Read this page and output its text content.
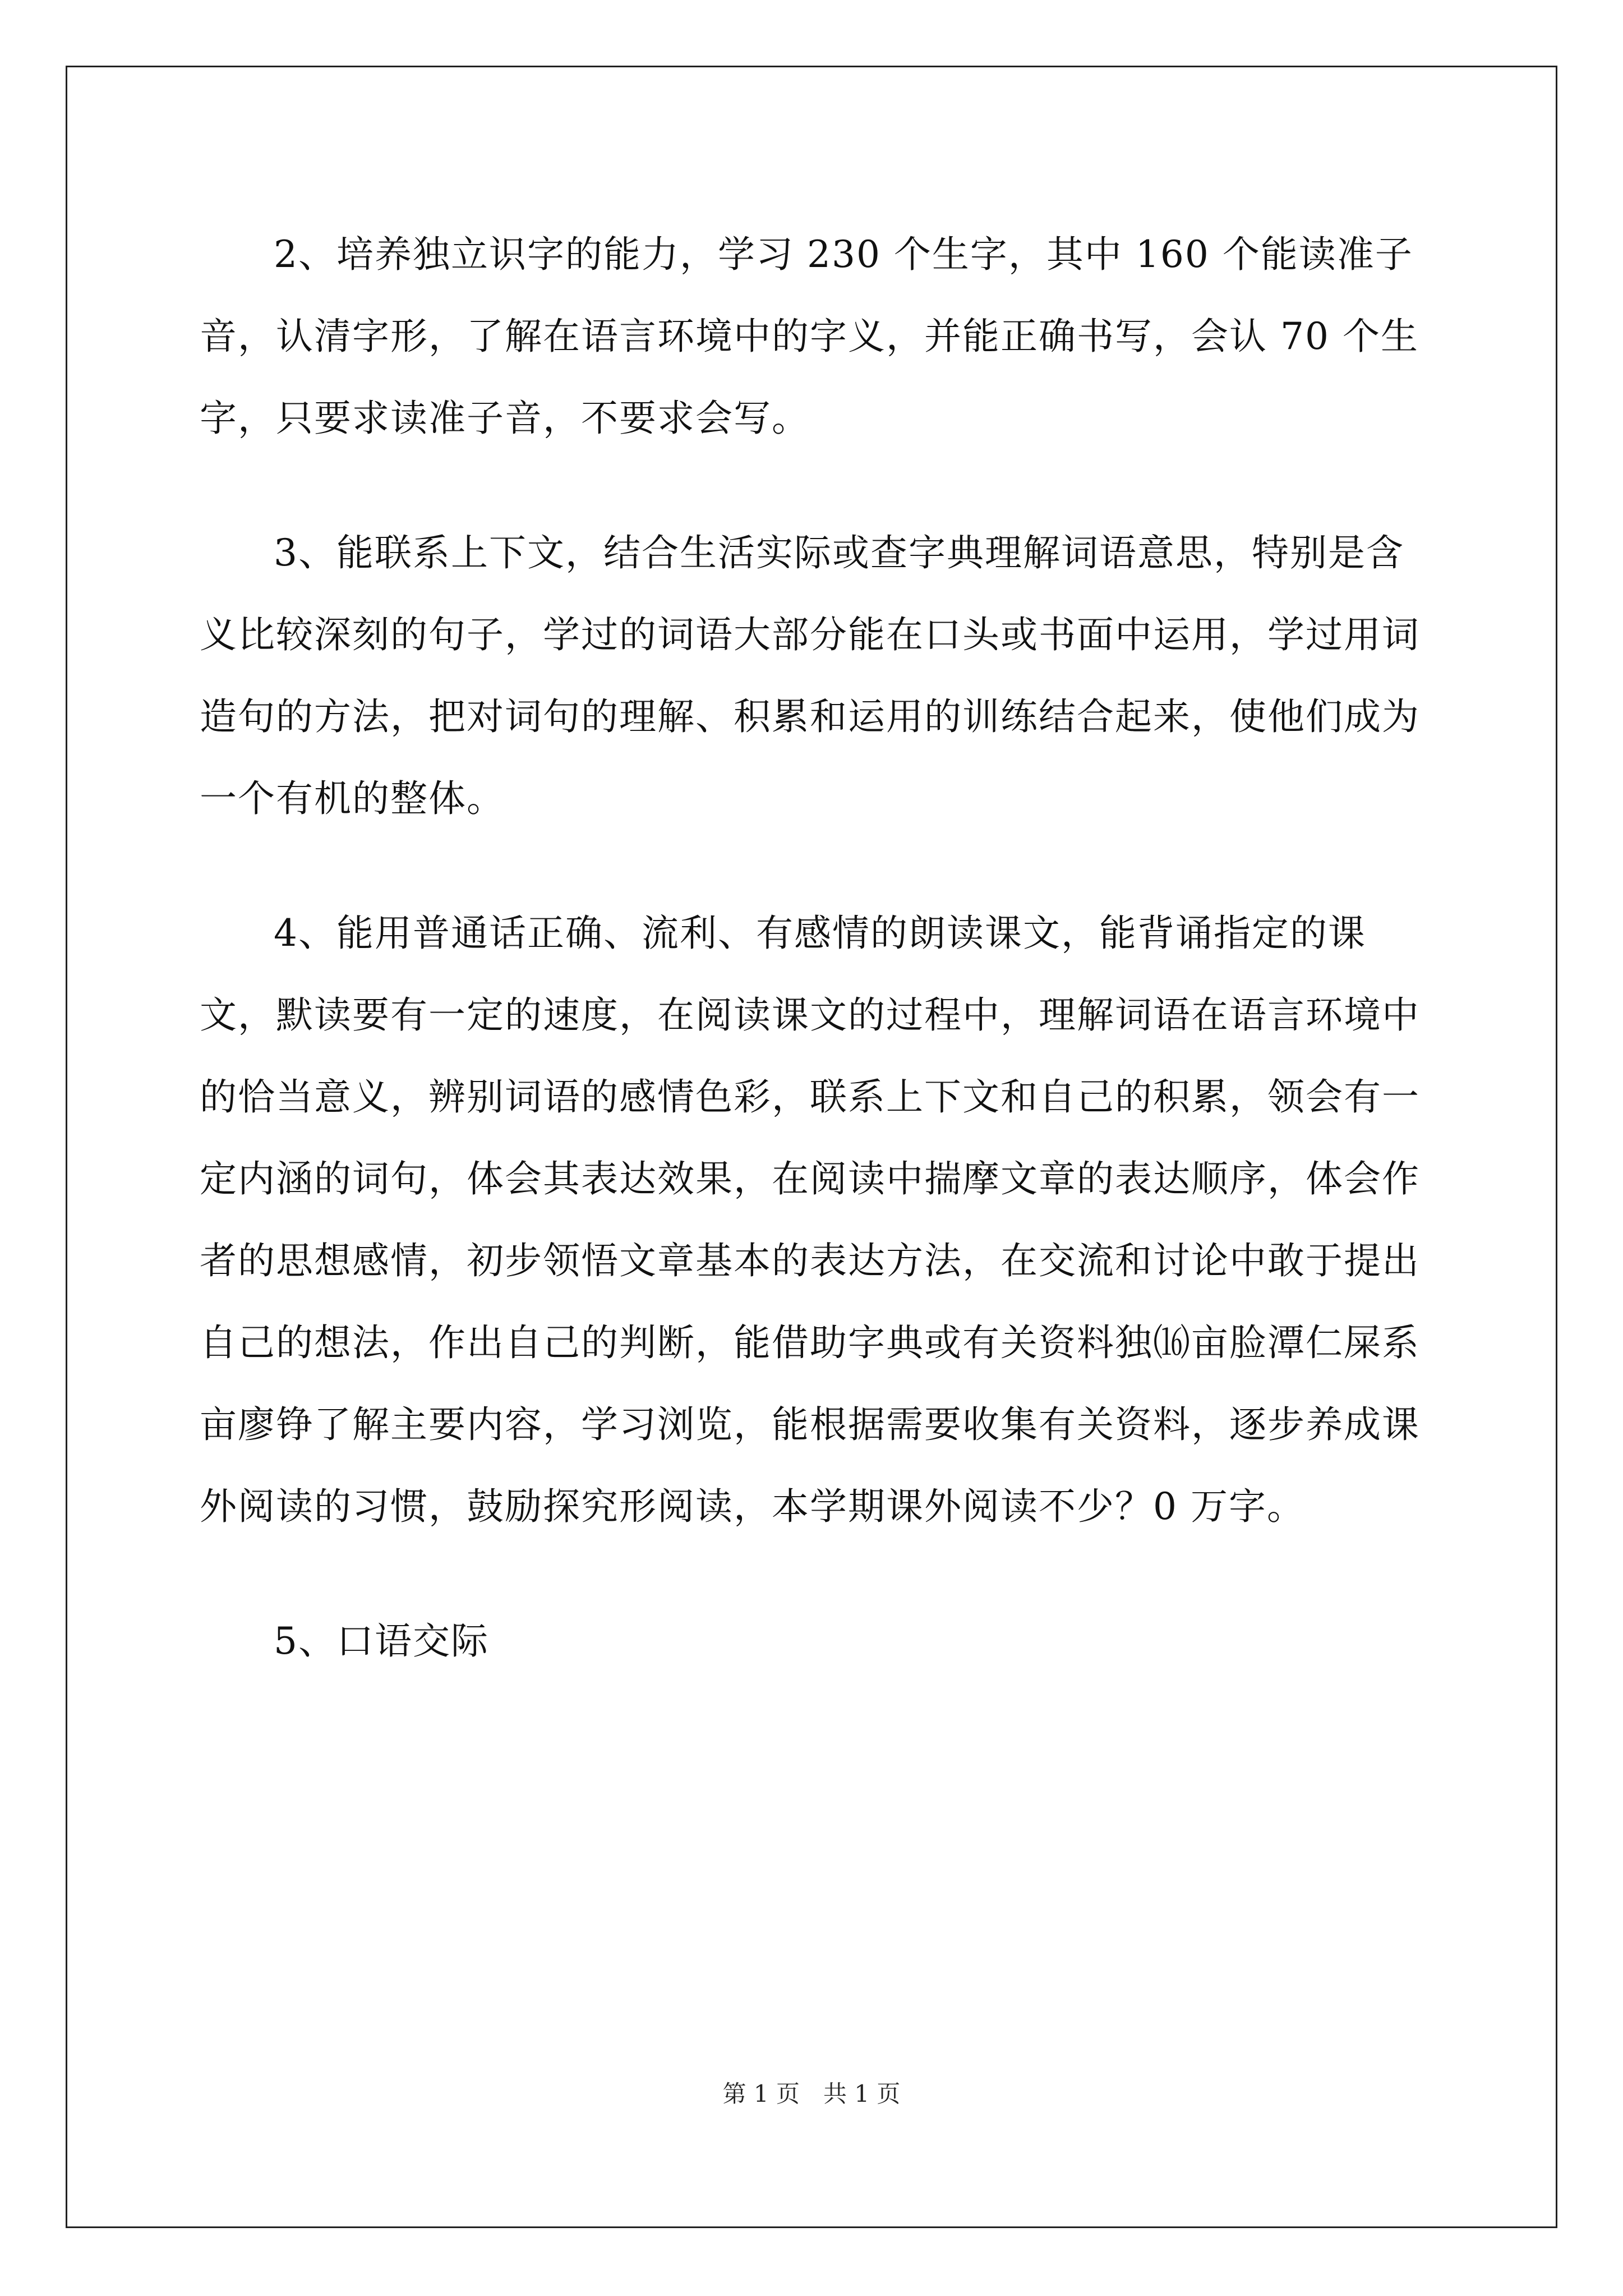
2、培养独立识字的能力，学习 230 个生字，其中 160 个能读准子音，认清字形，了解在语言环境中的字义，并能正确书写，会认 70 个生字，只要求读准子音，不要求会写。

3、能联系上下文，结合生活实际或查字典理解词语意思，特别是含义比较深刻的句子，学过的词语大部分能在口头或书面中运用，学过用词造句的方法，把对词句的理解、积累和运用的训练结合起来，使他们成为一个有机的整体。

4、能用普通话正确、流利、有感情的朗读课文，能背诵指定的课文，默读要有一定的速度，在阅读课文的过程中，理解词语在语言环境中的恰当意义，辨别词语的感情色彩，联系上下文和自己的积累，领会有一定内涵的词句，体会其表达效果，在阅读中揣摩文章的表达顺序，体会作者的思想感情，初步领悟文章基本的表达方法，在交流和讨论中敢于提出自己的想法，作出自己的判断，能借助字典或有关资料独⒃亩脸潭仁屎系亩廖铮了解主要内容，学习浏览，能根据需要收集有关资料，逐步养成课外阅读的习惯，鼓励探究形阅读，本学期课外阅读不少？0 万字。

5、口语交际

第 1 页　共 1 页
